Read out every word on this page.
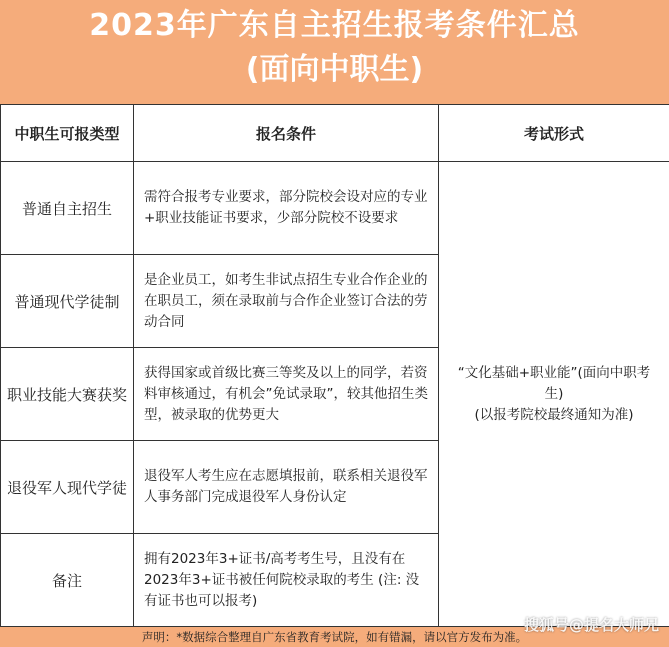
2023年广东自主招生报考条件汇总
(面向中职生)
中职生可报类型	报名条件	考试形式
普通自主招生	需符合报考专业要求，部分院校会设对应的专业+职业技能证书要求，少部分院校不设要求	“文化基础+职业能”(面向中职考生)
(以报考院校最终通知为准)

普通现代学徒制	是企业员工，如考生非试点招生专业合作企业的在职员工，须在录取前与合作企业签订合法的劳动合同	
职业技能大赛获奖	获得国家或首级比赛三等奖及以上的同学，若资料审核通过，有机会”免试录取”，较其他招生类型，被录取的优势更大	
退役军人现代学徒	退役军人考生应在志愿填报前，联系相关退役军人事务部门完成退役军人身份认定	
备注	拥有2023年3+证书/高考考生号，且没有在2023年3+证书被任何院校录取的考生 (注: 没有证书也可以报考)	
声明：*数据综合整理自广东省教育考试院，如有错漏，请以官方发布为准。
搜狐号@提名大师兄
